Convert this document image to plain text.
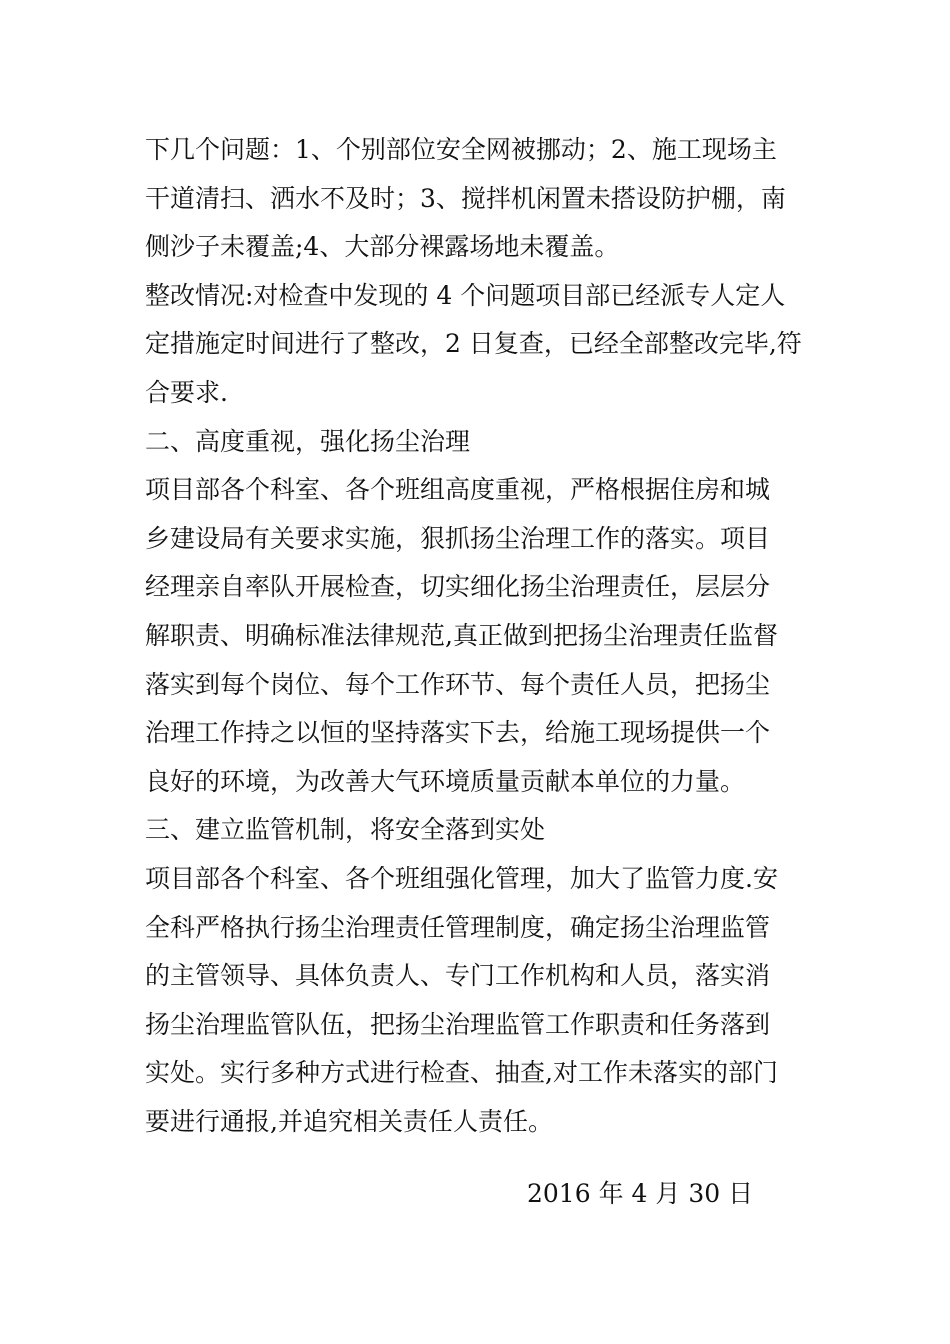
下几个问题：1、个别部位安全网被挪动；2、施工现场主
干道清扫、洒水不及时；3、搅拌机闲置未搭设防护棚，南
侧沙子未覆盖;4、大部分裸露场地未覆盖。
整改情况:对检查中发现的 4 个问题项目部已经派专人定人
定措施定时间进行了整改，2 日复查，已经全部整改完毕,符
合要求.
二、高度重视，强化扬尘治理
项目部各个科室、各个班组高度重视，严格根据住房和城
乡建设局有关要求实施，狠抓扬尘治理工作的落实。项目
经理亲自率队开展检查，切实细化扬尘治理责任，层层分
解职责、明确标准法律规范,真正做到把扬尘治理责任监督
落实到每个岗位、每个工作环节、每个责任人员，把扬尘
治理工作持之以恒的坚持落实下去，给施工现场提供一个
良好的环境，为改善大气环境质量贡献本单位的力量。
三、建立监管机制，将安全落到实处
项目部各个科室、各个班组强化管理，加大了监管力度.安
全科严格执行扬尘治理责任管理制度，确定扬尘治理监管
的主管领导、具体负责人、专门工作机构和人员，落实消
扬尘治理监管队伍，把扬尘治理监管工作职责和任务落到
实处。实行多种方式进行检查、抽查,对工作未落实的部门
要进行通报,并追究相关责任人责任。
2016 年 4 月 30 日
